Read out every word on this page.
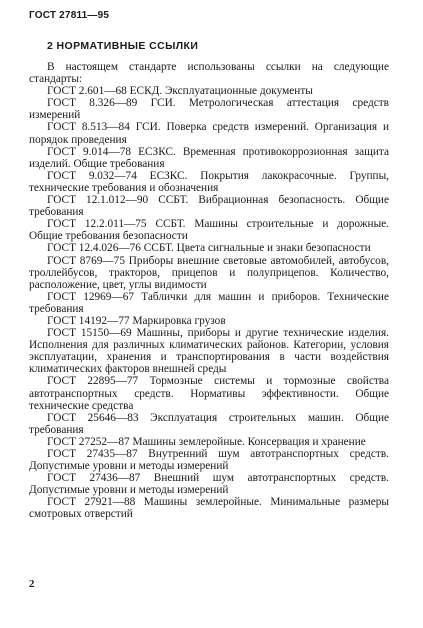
ГОСТ 27811—95
2 НОРМАТИВНЫЕ ССЫЛКИ

В настоящем стандарте использованы ссылки на следующие стандарты:

ГОСТ 2.601—68 ЕСКД. Эксплуатационные документы

ГОСТ 8.326—89 ГСИ. Метрологическая аттестация средств измерений

ГОСТ 8.513—84 ГСИ. Поверка средств измерений. Организация и порядок проведения

ГОСТ 9.014—78 ЕСЗКС. Временная противокоррозионная защита изделий. Общие требования

ГОСТ 9.032—74 ЕСЗКС. Покрытия лакокрасочные. Группы, технические требования и обозначения

ГОСТ 12.1.012—90 ССБТ. Вибрационная безопасность. Общие требования

ГОСТ 12.2.011—75 ССБТ. Машины строительные и дорожные. Общие требования безопасности

ГОСТ 12.4.026—76 ССБТ. Цвета сигнальные и знаки безопасности

ГОСТ 8769—75 Приборы внешние световые автомобилей, автобусов, троллейбусов, тракторов, прицепов и полуприцепов. Количество, расположение, цвет, углы видимости

ГОСТ 12969—67 Таблички для машин и приборов. Технические требования

ГОСТ 14192—77 Маркировка грузов

ГОСТ 15150—69 Машины, приборы и другие технические изделия. Исполнения для различных климатических районов. Категории, условия эксплуатации, хранения и транспортирования в части воздействия климатических факторов внешней среды

ГОСТ 22895—77 Тормозные системы и тормозные свойства автотранспортных средств. Нормативы эффективности. Общие технические средства

ГОСТ 25646—83 Эксплуатация строительных машин. Общие требования

ГОСТ 27252—87 Машины землеройные. Консервация и хранение

ГОСТ 27435—87 Внутренний шум автотранспортных средств. Допустимые уровни и методы измерений

ГОСТ 27436—87 Внешний шум автотранспортных средств. Допустимые уровни и методы измерений

ГОСТ 27921—88 Машины землеройные. Минимальные размеры смотровых отверстий

2
